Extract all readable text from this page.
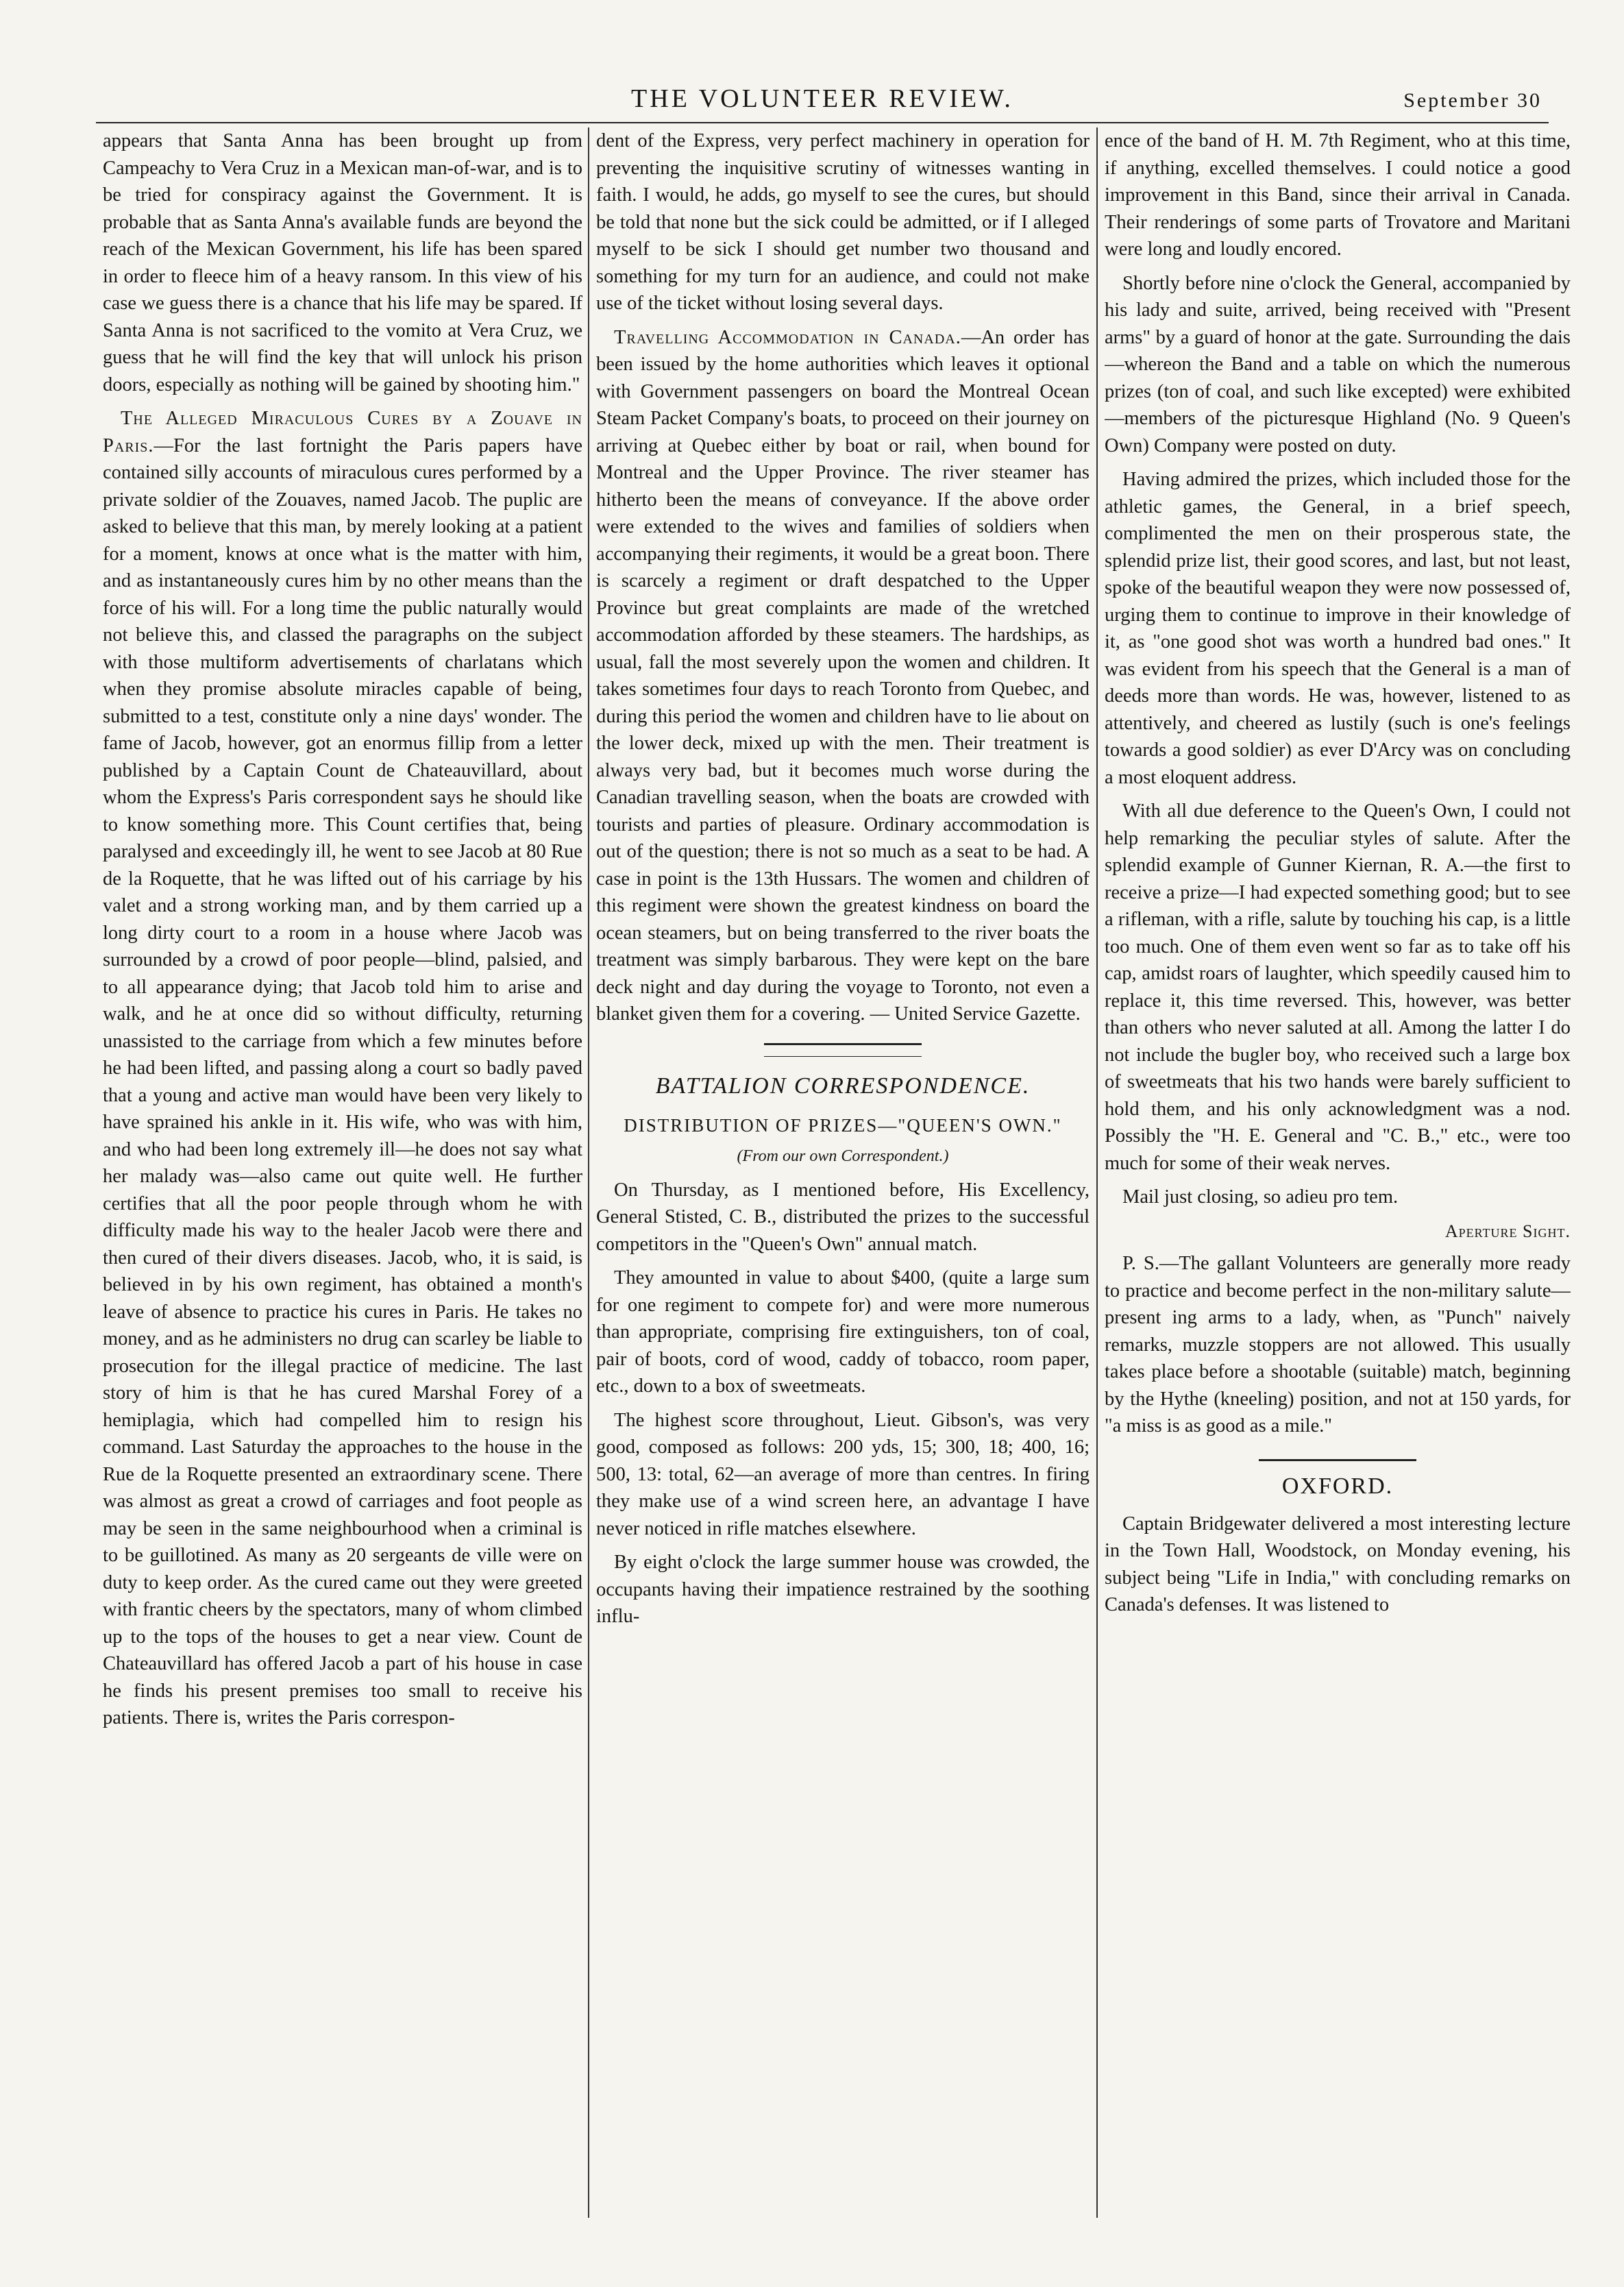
THE VOLUNTEER REVIEW.	September 30

appears that Santa Anna has been brought up from Campeachy to Vera Cruz in a Mexican man-of-war, and is to be tried for conspiracy against the Government. It is probable that as Santa Anna's available funds are beyond the reach of the Mexican Government, his life has been spared in order to fleece him of a heavy ransom. In this view of his case we guess there is a chance that his life may be spared. If Santa Anna is not sacrificed to the vomito at Vera Cruz, we guess that he will find the key that will unlock his prison doors, especially as nothing will be gained by shooting him."

The Alleged Miraculous Cures by a Zouave in Paris.—For the last fortnight the Paris papers have contained silly accounts of miraculous cures performed by a private soldier of the Zouaves, named Jacob. The puplic are asked to believe that this man, by merely looking at a patient for a moment, knows at once what is the matter with him, and as instantaneously cures him by no other means than the force of his will. For a long time the public naturally would not believe this, and classed the paragraphs on the subject with those multiform advertisements of charlatans which when they promise absolute miracles capable of being, submitted to a test, constitute only a nine days' wonder. The fame of Jacob, however, got an enormus fillip from a letter published by a Captain Count de Chateauvillard, about whom the Express's Paris correspondent says he should like to know something more. This Count certifies that, being paralysed and exceedingly ill, he went to see Jacob at 80 Rue de la Roquette, that he was lifted out of his carriage by his valet and a strong working man, and by them carried up a long dirty court to a room in a house where Jacob was surrounded by a crowd of poor people—blind, palsied, and to all appearance dying; that Jacob told him to arise and walk, and he at once did so without difficulty, returning unassisted to the carriage from which a few minutes before he had been lifted, and passing along a court so badly paved that a young and active man would have been very likely to have sprained his ankle in it. His wife, who was with him, and who had been long extremely ill—he does not say what her malady was—also came out quite well. He further certifies that all the poor people through whom he with difficulty made his way to the healer Jacob were there and then cured of their divers diseases. Jacob, who, it is said, is believed in by his own regiment, has obtained a month's leave of absence to practice his cures in Paris. He takes no money, and as he administers no drug can scarley be liable to prosecution for the illegal practice of medicine. The last story of him is that he has cured Marshal Forey of a hemiplagia, which had compelled him to resign his command. Last Saturday the approaches to the house in the Rue de la Roquette presented an extraordinary scene. There was almost as great a crowd of carriages and foot people as may be seen in the same neighbourhood when a criminal is to be guillotined. As many as 20 sergeants de ville were on duty to keep order. As the cured came out they were greeted with frantic cheers by the spectators, many of whom climbed up to the tops of the houses to get a near view. Count de Chateauvillard has offered Jacob a part of his house in case he finds his present premises too small to receive his patients. There is, writes the Paris correspon-

dent of the Express, very perfect machinery in operation for preventing the inquisitive scrutiny of witnesses wanting in faith. I would, he adds, go myself to see the cures, but should be told that none but the sick could be admitted, or if I alleged myself to be sick I should get number two thousand and something for my turn for an audience, and could not make use of the ticket without losing several days.

Travelling Accommodation in Canada.—An order has been issued by the home authorities which leaves it optional with Government passengers on board the Montreal Ocean Steam Packet Company's boats, to proceed on their journey on arriving at Quebec either by boat or rail, when bound for Montreal and the Upper Province. The river steamer has hitherto been the means of conveyance. If the above order were extended to the wives and families of soldiers when accompanying their regiments, it would be a great boon. There is scarcely a regiment or draft despatched to the Upper Province but great complaints are made of the wretched accommodation afforded by these steamers. The hardships, as usual, fall the most severely upon the women and children. It takes sometimes four days to reach Toronto from Quebec, and during this period the women and children have to lie about on the lower deck, mixed up with the men. Their treatment is always very bad, but it becomes much worse during the Canadian travelling season, when the boats are crowded with tourists and parties of pleasure. Ordinary accommodation is out of the question; there is not so much as a seat to be had. A case in point is the 13th Hussars. The women and children of this regiment were shown the greatest kindness on board the ocean steamers, but on being transferred to the river boats the treatment was simply barbarous. They were kept on the bare deck night and day during the voyage to Toronto, not even a blanket given them for a covering. — United Service Gazette.

BATTALION CORRESPONDENCE.
DISTRIBUTION OF PRIZES—"QUEEN'S OWN."
(From our own Correspondent.)

On Thursday, as I mentioned before, His Excellency, General Stisted, C. B., distributed the prizes to the successful competitors in the "Queen's Own" annual match.

They amounted in value to about $400, (quite a large sum for one regiment to compete for) and were more numerous than appropriate, comprising fire extinguishers, ton of coal, pair of boots, cord of wood, caddy of tobacco, room paper, etc., down to a box of sweetmeats.

The highest score throughout, Lieut. Gibson's, was very good, composed as follows: 200 yds, 15; 300, 18; 400, 16; 500, 13: total, 62—an average of more than centres. In firing they make use of a wind screen here, an advantage I have never noticed in rifle matches elsewhere.

By eight o'clock the large summer house was crowded, the occupants having their impatience restrained by the soothing influ-

ence of the band of H. M. 7th Regiment, who at this time, if anything, excelled themselves. I could notice a good improvement in this Band, since their arrival in Canada. Their renderings of some parts of Trovatore and Maritani were long and loudly encored.

Shortly before nine o'clock the General, accompanied by his lady and suite, arrived, being received with "Present arms" by a guard of honor at the gate. Surrounding the dais—whereon the Band and a table on which the numerous prizes (ton of coal, and such like excepted) were exhibited—members of the picturesque Highland (No. 9 Queen's Own) Company were posted on duty.

Having admired the prizes, which included those for the athletic games, the General, in a brief speech, complimented the men on their prosperous state, the splendid prize list, their good scores, and last, but not least, spoke of the beautiful weapon they were now possessed of, urging them to continue to improve in their knowledge of it, as "one good shot was worth a hundred bad ones." It was evident from his speech that the General is a man of deeds more than words. He was, however, listened to as attentively, and cheered as lustily (such is one's feelings towards a good soldier) as ever D'Arcy was on concluding a most eloquent address.

With all due deference to the Queen's Own, I could not help remarking the peculiar styles of salute. After the splendid example of Gunner Kiernan, R. A.—the first to receive a prize—I had expected something good; but to see a rifleman, with a rifle, salute by touching his cap, is a little too much. One of them even went so far as to take off his cap, amidst roars of laughter, which speedily caused him to replace it, this time reversed. This, however, was better than others who never saluted at all. Among the latter I do not include the bugler boy, who received such a large box of sweetmeats that his two hands were barely sufficient to hold them, and his only acknowledgment was a nod. Possibly the "H. E. General and "C. B.," etc., were too much for some of their weak nerves.

Mail just closing, so adieu pro tem.

Aperture Sight.

P. S.—The gallant Volunteers are generally more ready to practice and become perfect in the non-military salute—present ing arms to a lady, when, as "Punch" naively remarks, muzzle stoppers are not allowed. This usually takes place before a shootable (suitable) match, beginning by the Hythe (kneeling) position, and not at 150 yards, for "a miss is as good as a mile."

OXFORD.

Captain Bridgewater delivered a most interesting lecture in the Town Hall, Woodstock, on Monday evening, his subject being "Life in India," with concluding remarks on Canada's defenses. It was listened to
